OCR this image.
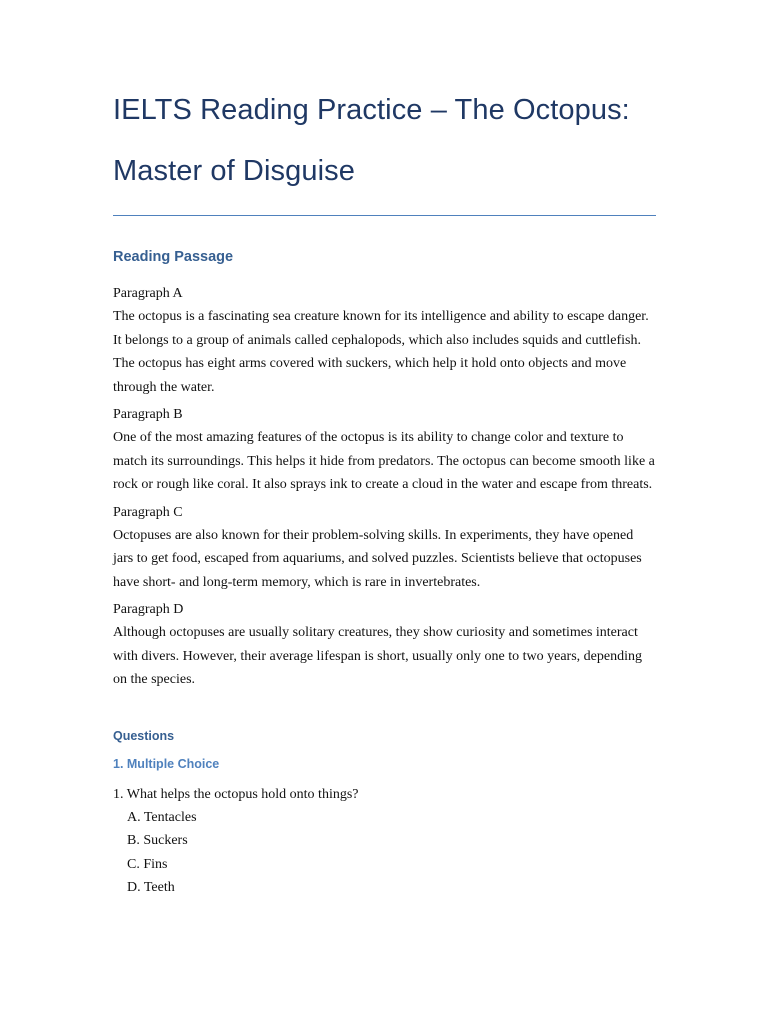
IELTS Reading Practice – The Octopus:
Master of Disguise
Reading Passage

Paragraph A

The octopus is a fascinating sea creature known for its intelligence and ability to escape danger. It belongs to a group of animals called cephalopods, which also includes squids and cuttlefish. The octopus has eight arms covered with suckers, which help it hold onto objects and move through the water.

Paragraph B

One of the most amazing features of the octopus is its ability to change color and texture to match its surroundings. This helps it hide from predators. The octopus can become smooth like a rock or rough like coral. It also sprays ink to create a cloud in the water and escape from threats.

Paragraph C

Octopuses are also known for their problem-solving skills. In experiments, they have opened jars to get food, escaped from aquariums, and solved puzzles. Scientists believe that octopuses have short- and long-term memory, which is rare in invertebrates.

Paragraph D

Although octopuses are usually solitary creatures, they show curiosity and sometimes interact with divers. However, their average lifespan is short, usually only one to two years, depending on the species.

Questions
1. Multiple Choice

1. What helps the octopus hold onto things?

A. Tentacles
B. Suckers
C. Fins
D. Teeth
